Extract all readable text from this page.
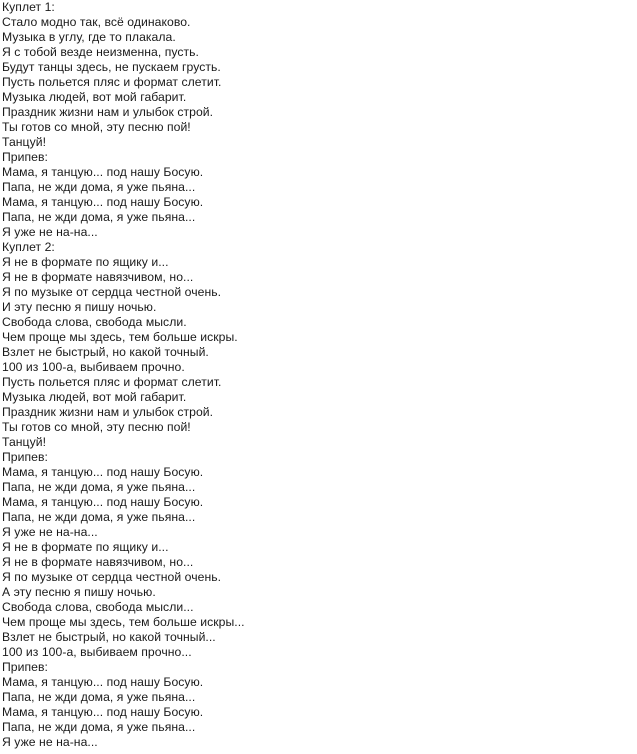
Куплет 1:
Стало модно так, всё одинаково.
Музыка в углу, где то плакала.
Я с тобой везде неизменна, пусть.
Будут танцы здесь, не пускаем грусть.
Пусть польется пляс и формат слетит.
Музыка людей, вот мой габарит.
Праздник жизни нам и улыбок строй.
Ты готов со мной, эту песню пой!
Танцуй!
Припев:
Мама, я танцую... под нашу Босую.
Папа, не жди дома, я уже пьяна...
Мама, я танцую... под нашу Босую.
Папа, не жди дома, я уже пьяна...
Я уже не на-на...
Куплет 2:
Я не в формате по ящику и...
Я не в формате навязчивом, но...
Я по музыке от сердца честной очень.
И эту песню я пишу ночью.
Свобода слова, свобода мысли.
Чем проще мы здесь, тем больше искры.
Взлет не быстрый, но какой точный.
100 из 100-а, выбиваем прочно.
Пусть польется пляс и формат слетит.
Музыка людей, вот мой габарит.
Праздник жизни нам и улыбок строй.
Ты готов со мной, эту песню пой!
Танцуй!
Припев:
Мама, я танцую... под нашу Босую.
Папа, не жди дома, я уже пьяна...
Мама, я танцую... под нашу Босую.
Папа, не жди дома, я уже пьяна...
Я уже не на-на...
Я не в формате по ящику и...
Я не в формате навязчивом, но...
Я по музыке от сердца честной очень.
А эту песню я пишу ночью.
Свобода слова, свобода мысли...
Чем проще мы здесь, тем больше искры...
Взлет не быстрый, но какой точный...
100 из 100-а, выбиваем прочно...
Припев:
Мама, я танцую... под нашу Босую.
Папа, не жди дома, я уже пьяна...
Мама, я танцую... под нашу Босую.
Папа, не жди дома, я уже пьяна...
Я уже не на-на...
